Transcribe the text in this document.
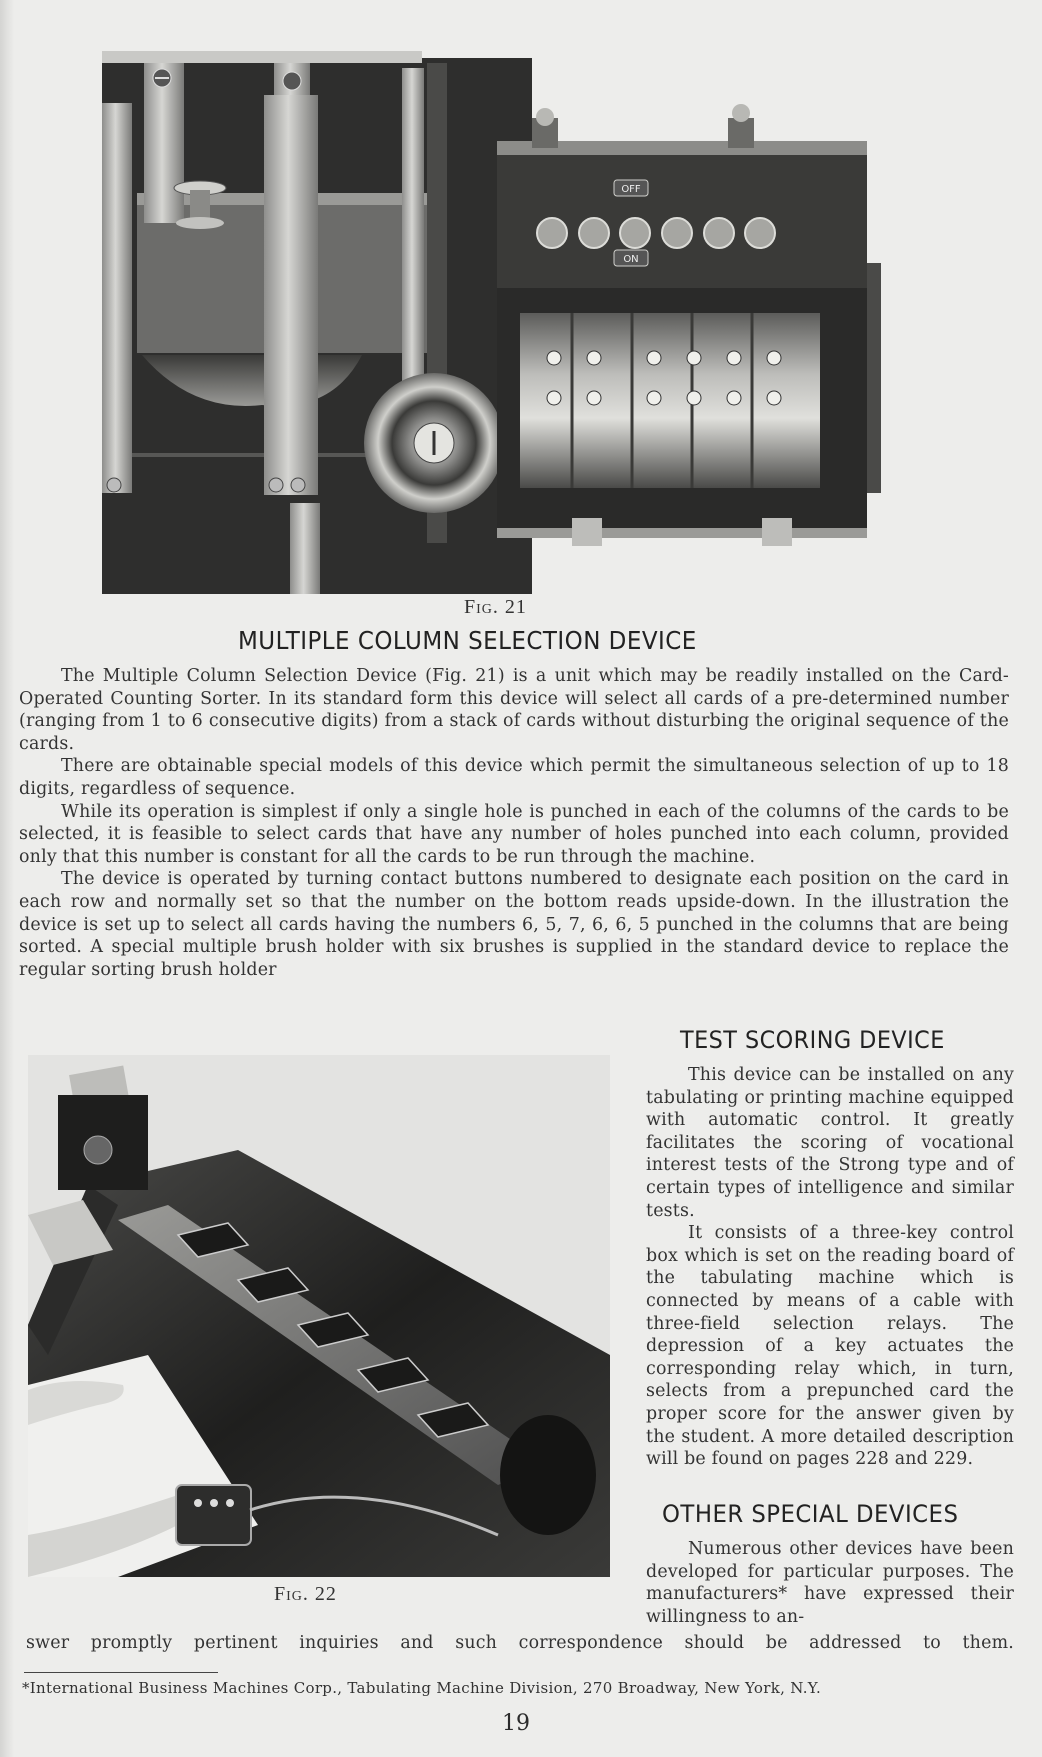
OFF
ON
Fig. 21
MULTIPLE COLUMN SELECTION DEVICE

The Multiple Column Selection Device (Fig. 21) is a unit which may be readily installed on the Card-Operated Counting Sorter. In its standard form this device will select all cards of a pre-determined number (ranging from 1 to 6 consecutive digits) from a stack of cards without disturbing the original sequence of the cards.

There are obtainable special models of this device which permit the simultaneous selection of up to 18 digits, regardless of sequence.

While its operation is simplest if only a single hole is punched in each of the columns of the cards to be selected, it is feasible to select cards that have any number of holes punched into each column, provided only that this number is constant for all the cards to be run through the machine.

The device is operated by turning contact buttons numbered to designate each position on the card in each row and normally set so that the number on the bottom reads upside-down. In the illustration the device is set up to select all cards having the numbers 6, 5, 7, 6, 6, 5 punched in the columns that are being sorted. A special multiple brush holder with six brushes is supplied in the standard device to replace the regular sorting brush holder

Fig. 22
TEST SCORING DEVICE

This device can be installed on any tabulating or printing machine equipped with automatic control. It greatly facilitates the scoring of vocational interest tests of the Strong type and of certain types of intelligence and similar tests.

It consists of a three-key control box which is set on the reading board of the tabulating machine which is connected by means of a cable with three-field selection relays. The depression of a key actuates the corresponding relay which, in turn, selects from a prepunched card the proper score for the answer given by the student. A more detailed description will be found on pages 228 and 229.

OTHER SPECIAL DEVICES

Numerous other devices have been developed for particular purposes. The manufacturers* have expressed their willingness to an-

swer promptly pertinent inquiries and such correspondence should be addressed to them.

*International Business Machines Corp., Tabulating Machine Division, 270 Broadway, New York, N.Y.
19
